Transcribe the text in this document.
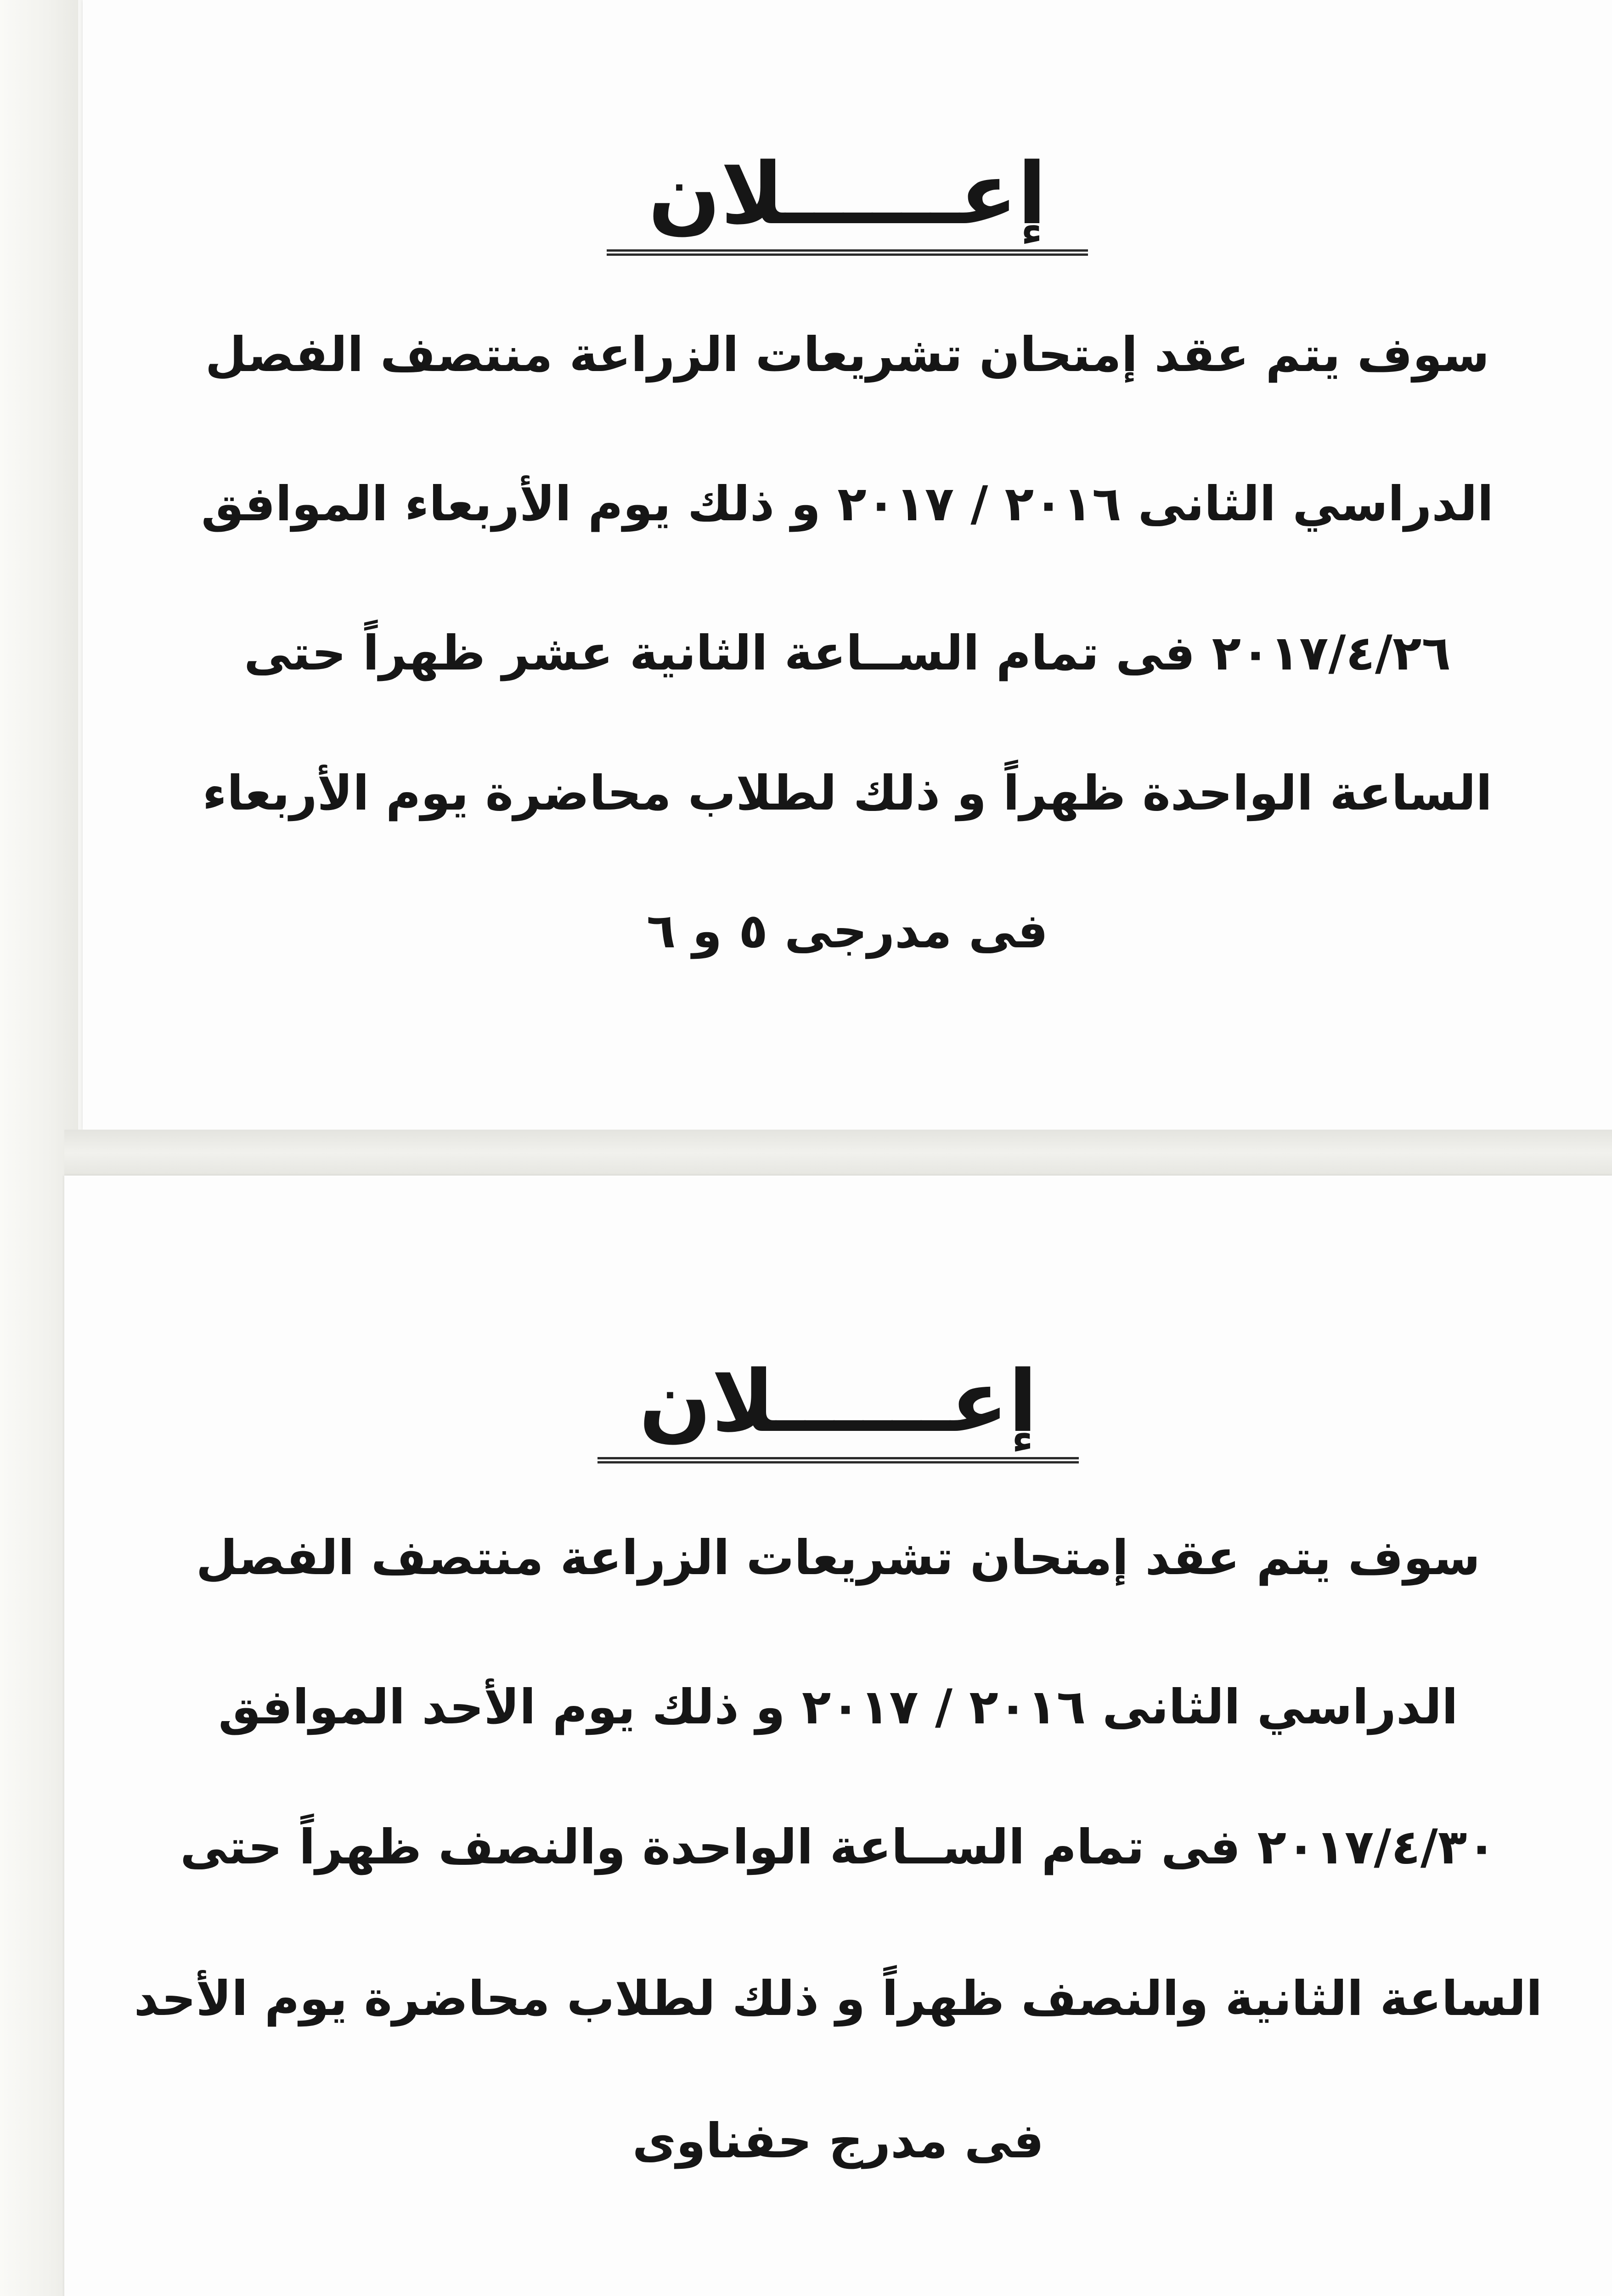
إعــــــلان

سوف يتم عقد إمتحان تشريعات الزراعة منتصف الفصل

الدراسي الثانى ٢٠١٦ / ٢٠١٧ و ذلك يوم الأربعاء الموافق

٢٠١٧/٤/٢٦ فى تمام الســاعة الثانية عشر ظهراً حتى

الساعة الواحدة ظهراً و ذلك لطلاب محاضرة يوم الأربعاء

فى مدرجى ٥ و ٦

إعــــــلان

سوف يتم عقد إمتحان تشريعات الزراعة منتصف الفصل

الدراسي الثانى ٢٠١٦ / ٢٠١٧ و ذلك يوم الأحد الموافق

٢٠١٧/٤/٣٠ فى تمام الســاعة الواحدة والنصف ظهراً حتى

الساعة الثانية والنصف ظهراً و ذلك لطلاب محاضرة يوم الأحد

فى مدرج حفناوى
